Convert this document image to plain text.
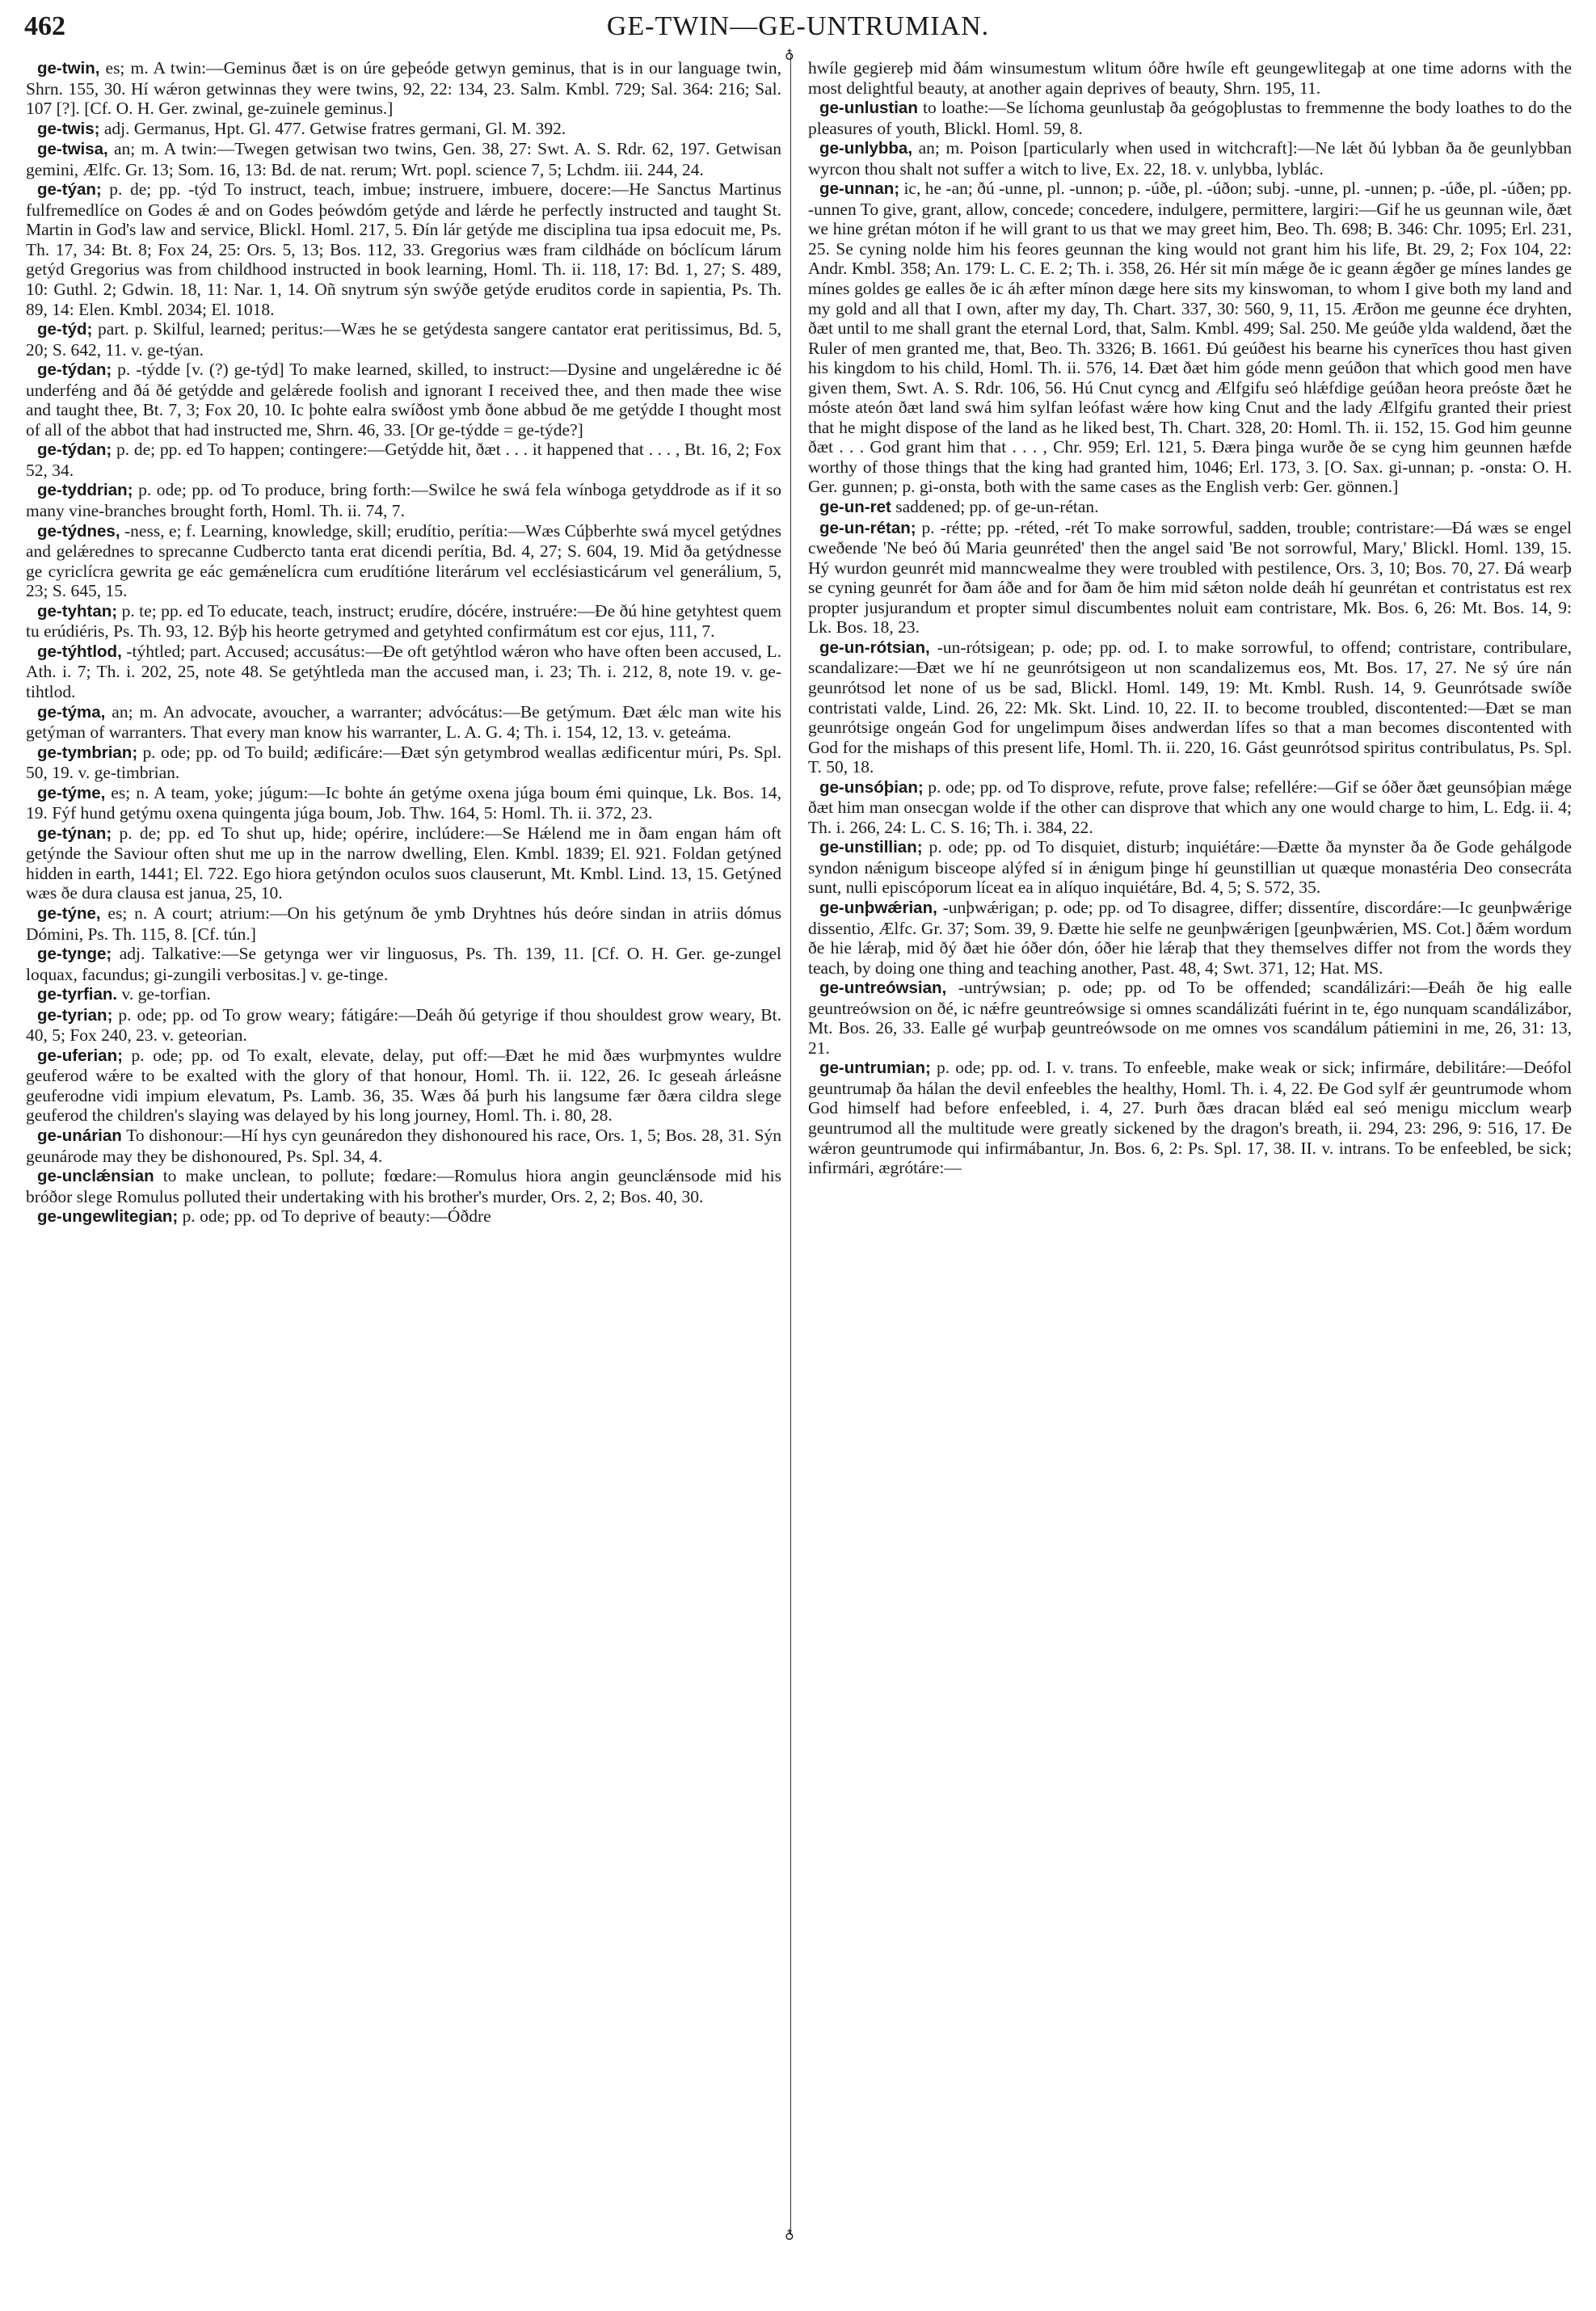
462	GE-TWIN—GE-UNTRUMIAN.
♁
♁

ge-twin, es; m. A twin:—Geminus ðæt is on úre geþeóde getwyn geminus, that is in our language twin, Shrn. 155, 30. Hí wǽron getwinnas they were twins, 92, 22: 134, 23. Salm. Kmbl. 729; Sal. 364: 216; Sal. 107 [?]. [Cf. O. H. Ger. zwinal, ge-zuinele geminus.]

ge-twis; adj. Germanus, Hpt. Gl. 477. Getwise fratres germani, Gl. M. 392.

ge-twisa, an; m. A twin:—Twegen getwisan two twins, Gen. 38, 27: Swt. A. S. Rdr. 62, 197. Getwisan gemini, Ælfc. Gr. 13; Som. 16, 13: Bd. de nat. rerum; Wrt. popl. science 7, 5; Lchdm. iii. 244, 24.

ge-týan; p. de; pp. -týd To instruct, teach, imbue; instruere, imbuere, docere:—He Sanctus Martinus fulfremedlíce on Godes ǽ and on Godes þeówdóm getýde and lǽrde he perfectly instructed and taught St. Martin in God's law and service, Blickl. Homl. 217, 5. Ðín lár getýde me disciplina tua ipsa edocuit me, Ps. Th. 17, 34: Bt. 8; Fox 24, 25: Ors. 5, 13; Bos. 112, 33. Gregorius wæs fram cildháde on bóclícum lárum getýd Gregorius was from childhood instructed in book learning, Homl. Th. ii. 118, 17: Bd. 1, 27; S. 489, 10: Guthl. 2; Gdwin. 18, 11: Nar. 1, 14. Oñ snytrum sýn swýðe getýde eruditos corde in sapientia, Ps. Th. 89, 14: Elen. Kmbl. 2034; El. 1018.

ge-týd; part. p. Skilful, learned; peritus:—Wæs he se getýdesta sangere cantator erat peritissimus, Bd. 5, 20; S. 642, 11. v. ge-týan.

ge-týdan; p. -týdde [v. (?) ge-týd] To make learned, skilled, to instruct:—Dysine and ungelǽredne ic ðé underféng and ðá ðé getýdde and gelǽrede foolish and ignorant I received thee, and then made thee wise and taught thee, Bt. 7, 3; Fox 20, 10. Ic þohte ealra swíðost ymb ðone abbud ðe me getýdde I thought most of all of the abbot that had instructed me, Shrn. 46, 33. [Or ge-týdde = ge-týde?]

ge-týdan; p. de; pp. ed To happen; contingere:—Getýdde hit, ðæt . . . it happened that . . . , Bt. 16, 2; Fox 52, 34.

ge-tyddrian; p. ode; pp. od To produce, bring forth:—Swilce he swá fela wínboga getyddrode as if it so many vine-branches brought forth, Homl. Th. ii. 74, 7.

ge-týdnes, -ness, e; f. Learning, knowledge, skill; erudítio, perítia:—Wæs Cúþberhte swá mycel getýdnes and gelǽrednes to sprecanne Cudbercto tanta erat dicendi perítia, Bd. 4, 27; S. 604, 19. Mid ða getýdnesse ge cyriclícra gewrita ge eác gemǽnelícra cum erudítióne literárum vel ecclésiasticárum vel generálium, 5, 23; S. 645, 15.

ge-tyhtan; p. te; pp. ed To educate, teach, instruct; erudíre, dócére, instruére:—Ðe ðú hine getyhtest quem tu erúdiéris, Ps. Th. 93, 12. Býþ his heorte getrymed and getyhted confirmátum est cor ejus, 111, 7.

ge-týhtlod, -týhtled; part. Accused; accusátus:—Ðe oft getýhtlod wǽron who have often been accused, L. Ath. i. 7; Th. i. 202, 25, note 48. Se getýhtleda man the accused man, i. 23; Th. i. 212, 8, note 19. v. ge-tihtlod.

ge-týma, an; m. An advocate, avoucher, a warranter; advócátus:—Be getýmum. Ðæt ǽlc man wite his getýman of warranters. That every man know his warranter, L. A. G. 4; Th. i. 154, 12, 13. v. geteáma.

ge-tymbrian; p. ode; pp. od To build; ædificáre:—Ðæt sýn getymbrod weallas ædificentur múri, Ps. Spl. 50, 19. v. ge-timbrian.

ge-týme, es; n. A team, yoke; júgum:—Ic bohte án getýme oxena júga boum émi quinque, Lk. Bos. 14, 19. Fýf hund getýmu oxena quingenta júga boum, Job. Thw. 164, 5: Homl. Th. ii. 372, 23.

ge-týnan; p. de; pp. ed To shut up, hide; opérire, inclúdere:—Se Hǽlend me in ðam engan hám oft getýnde the Saviour often shut me up in the narrow dwelling, Elen. Kmbl. 1839; El. 921. Foldan getýned hidden in earth, 1441; El. 722. Ego hiora getýndon oculos suos clauserunt, Mt. Kmbl. Lind. 13, 15. Getýned wæs ðe dura clausa est janua, 25, 10.

ge-týne, es; n. A court; atrium:—On his getýnum ðe ymb Dryhtnes hús deóre sindan in atriis dómus Dómini, Ps. Th. 115, 8. [Cf. tún.]

ge-tynge; adj. Talkative:—Se getynga wer vir linguosus, Ps. Th. 139, 11. [Cf. O. H. Ger. ge-zungel loquax, facundus; gi-zungili verbositas.] v. ge-tinge.

ge-tyrfian. v. ge-torfian.

ge-tyrian; p. ode; pp. od To grow weary; fátigáre:—Deáh ðú getyrige if thou shouldest grow weary, Bt. 40, 5; Fox 240, 23. v. geteorian.

ge-uferian; p. ode; pp. od To exalt, elevate, delay, put off:—Ðæt he mid ðæs wurþmyntes wuldre geuferod wǽre to be exalted with the glory of that honour, Homl. Th. ii. 122, 26. Ic geseah árleásne geuferodne vidi impium elevatum, Ps. Lamb. 36, 35. Wæs ðá þurh his langsume fær ðæra cildra slege geuferod the children's slaying was delayed by his long journey, Homl. Th. i. 80, 28.

ge-unárian To dishonour:—Hí hys cyn geunáredon they dishonoured his race, Ors. 1, 5; Bos. 28, 31. Sýn geunárode may they be dishonoured, Ps. Spl. 34, 4.

ge-unclǽnsian to make unclean, to pollute; fœdare:—Romulus hiora angin geunclǽnsode mid his bróðor slege Romulus polluted their undertaking with his brother's murder, Ors. 2, 2; Bos. 40, 30.

ge-ungewlitegian; p. ode; pp. od To deprive of beauty:—Óðdre

hwíle gegiereþ mid ðám winsumestum wlitum óðre hwíle eft geungewlitegaþ at one time adorns with the most delightful beauty, at another again deprives of beauty, Shrn. 195, 11.

ge-unlustian to loathe:—Se líchoma geunlustaþ ða geógoþlustas to fremmenne the body loathes to do the pleasures of youth, Blickl. Homl. 59, 8.

ge-unlybba, an; m. Poison [particularly when used in witchcraft]:—Ne lǽt ðú lybban ða ðe geunlybban wyrcon thou shalt not suffer a witch to live, Ex. 22, 18. v. unlybba, lyblác.

ge-unnan; ic, he -an; ðú -unne, pl. -unnon; p. -úðe, pl. -úðon; subj. -unne, pl. -unnen; p. -úðe, pl. -úðen; pp. -unnen To give, grant, allow, concede; concedere, indulgere, permittere, largiri:—Gif he us geunnan wile, ðæt we hine grétan móton if he will grant to us that we may greet him, Beo. Th. 698; B. 346: Chr. 1095; Erl. 231, 25. Se cyning nolde him his feores geunnan the king would not grant him his life, Bt. 29, 2; Fox 104, 22: Andr. Kmbl. 358; An. 179: L. C. E. 2; Th. i. 358, 26. Hér sit mín mǽge ðe ic geann ǽgðer ge mínes landes ge mínes goldes ge ealles ðe ic áh æfter mínon dæge here sits my kinswoman, to whom I give both my land and my gold and all that I own, after my day, Th. Chart. 337, 30: 560, 9, 11, 15. Ærðon me geunne éce dryhten, ðæt until to me shall grant the eternal Lord, that, Salm. Kmbl. 499; Sal. 250. Me geúðe ylda waldend, ðæt the Ruler of men granted me, that, Beo. Th. 3326; B. 1661. Ðú geúðest his bearne his cynerīces thou hast given his kingdom to his child, Homl. Th. ii. 576, 14. Ðæt ðæt him góde menn geúðon that which good men have given them, Swt. A. S. Rdr. 106, 56. Hú Cnut cyncg and Ælfgifu seó hlǽfdige geúðan heora preóste ðæt he móste ateón ðæt land swá him sylfan leófast wǽre how king Cnut and the lady Ælfgifu granted their priest that he might dispose of the land as he liked best, Th. Chart. 328, 20: Homl. Th. ii. 152, 15. God him geunne ðæt . . . God grant him that . . . , Chr. 959; Erl. 121, 5. Ðæra þinga wurðe ðe se cyng him geunnen hæfde worthy of those things that the king had granted him, 1046; Erl. 173, 3. [O. Sax. gi-unnan; p. -onsta: O. H. Ger. gunnen; p. gi-onsta, both with the same cases as the English verb: Ger. gönnen.]

ge-un-ret saddened; pp. of ge-un-rétan.

ge-un-rétan; p. -rétte; pp. -réted, -rét To make sorrowful, sadden, trouble; contristare:—Ðá wæs se engel cweðende 'Ne beó ðú Maria geunréted' then the angel said 'Be not sorrowful, Mary,' Blickl. Homl. 139, 15. Hý wurdon geunrét mid manncwealme they were troubled with pestilence, Ors. 3, 10; Bos. 70, 27. Ðá wearþ se cyning geunrét for ðam áðe and for ðam ðe him mid sǽton nolde deáh hí geunrétan et contristatus est rex propter jusjurandum et propter simul discumbentes noluit eam contristare, Mk. Bos. 6, 26: Mt. Bos. 14, 9: Lk. Bos. 18, 23.

ge-un-rótsian, -un-rótsigean; p. ode; pp. od. I. to make sorrowful, to offend; contristare, contribulare, scandalizare:—Ðæt we hí ne geunrótsigeon ut non scandalizemus eos, Mt. Bos. 17, 27. Ne sý úre nán geunrótsod let none of us be sad, Blickl. Homl. 149, 19: Mt. Kmbl. Rush. 14, 9. Geunrótsade swíðe contristati valde, Lind. 26, 22: Mk. Skt. Lind. 10, 22. II. to become troubled, discontented:—Ðæt se man geunrótsige ongeán God for ungelimpum ðises andwerdan lífes so that a man becomes discontented with God for the mishaps of this present life, Homl. Th. ii. 220, 16. Gást geunrótsod spiritus contribulatus, Ps. Spl. T. 50, 18.

ge-unsóþian; p. ode; pp. od To disprove, refute, prove false; refellére:—Gif se óðer ðæt geunsóþian mǽge ðæt him man onsecgan wolde if the other can disprove that which any one would charge to him, L. Edg. ii. 4; Th. i. 266, 24: L. C. S. 16; Th. i. 384, 22.

ge-unstillian; p. ode; pp. od To disquiet, disturb; inquiétáre:—Ðætte ða mynster ða ðe Gode gehálgode syndon nǽnigum bisceope alýfed sí in ǽnigum þinge hí geunstillian ut quæque monastéria Deo consecráta sunt, nulli episcóporum líceat ea in alíquo inquiétáre, Bd. 4, 5; S. 572, 35.

ge-unþwǽrian, -unþwǽrigan; p. ode; pp. od To disagree, differ; dissentíre, discordáre:—Ic geunþwǽrige dissentio, Ælfc. Gr. 37; Som. 39, 9. Ðætte hie selfe ne geunþwǽrigen [geunþwǽrien, MS. Cot.] ðǽm wordum ðe hie lǽraþ, mid ðý ðæt hie óðer dón, óðer hie lǽraþ that they themselves differ not from the words they teach, by doing one thing and teaching another, Past. 48, 4; Swt. 371, 12; Hat. MS.

ge-untreówsian, -untrýwsian; p. ode; pp. od To be offended; scandálizári:—Ðeáh ðe hig ealle geuntreówsion on ðé, ic nǽfre geuntreówsige si omnes scandálizáti fuérint in te, égo nunquam scandálizábor, Mt. Bos. 26, 33. Ealle gé wurþaþ geuntreówsode on me omnes vos scandálum pátiemini in me, 26, 31: 13, 21.

ge-untrumian; p. ode; pp. od. I. v. trans. To enfeeble, make weak or sick; infirmáre, debilitáre:—Deófol geuntrumaþ ða hálan the devil enfeebles the healthy, Homl. Th. i. 4, 22. Ðe God sylf ǽr geuntrumode whom God himself had before enfeebled, i. 4, 27. Þurh ðæs dracan blǽd eal seó menigu micclum wearþ geuntrumod all the multitude were greatly sickened by the dragon's breath, ii. 294, 23: 296, 9: 516, 17. Ðe wǽron geuntrumode qui infirmábantur, Jn. Bos. 6, 2: Ps. Spl. 17, 38. II. v. intrans. To be enfeebled, be sick; infirmári, ægrótáre:—
